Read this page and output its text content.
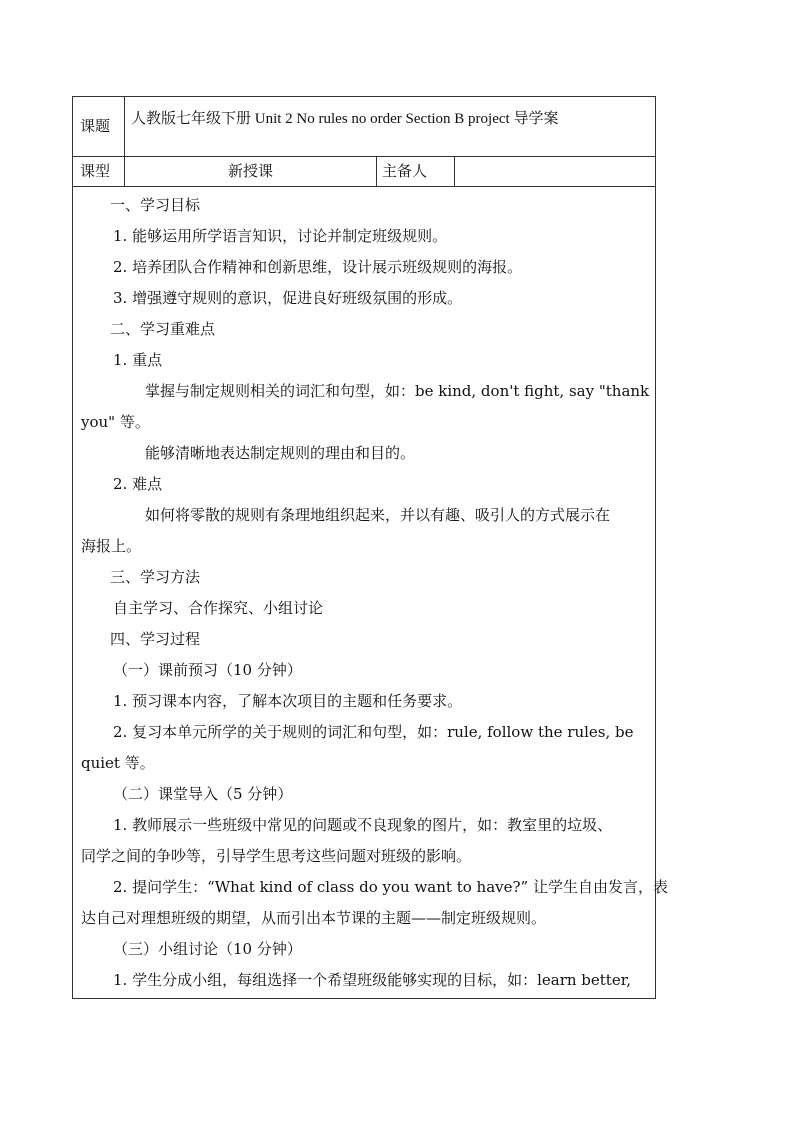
课题 人教版七年级下册 Unit 2 No rules no order Section B project 导学案
课型	新授课	主备人
一、学习目标
1. 能够运用所学语言知识，讨论并制定班级规则。
2. 培养团队合作精神和创新思维，设计展示班级规则的海报。
3. 增强遵守规则的意识，促进良好班级氛围的形成。
二、学习重难点
1. 重点
掌握与制定规则相关的词汇和句型，如：be kind, don't fight, say "thank
you" 等。
能够清晰地表达制定规则的理由和目的。
2. 难点
如何将零散的规则有条理地组织起来，并以有趣、吸引人的方式展示在
海报上。
三、学习方法
自主学习、合作探究、小组讨论
四、学习过程
（一）课前预习（10 分钟）
1. 预习课本内容，了解本次项目的主题和任务要求。
2. 复习本单元所学的关于规则的词汇和句型，如：rule, follow the rules, be
quiet 等。
（二）课堂导入（5 分钟）
1. 教师展示一些班级中常见的问题或不良现象的图片，如：教室里的垃圾、
同学之间的争吵等，引导学生思考这些问题对班级的影响。
2. 提问学生：“What kind of class do you want to have?” 让学生自由发言，表
达自己对理想班级的期望，从而引出本节课的主题——制定班级规则。
（三）小组讨论（10 分钟）
1. 学生分成小组，每组选择一个希望班级能够实现的目标，如：learn better,
